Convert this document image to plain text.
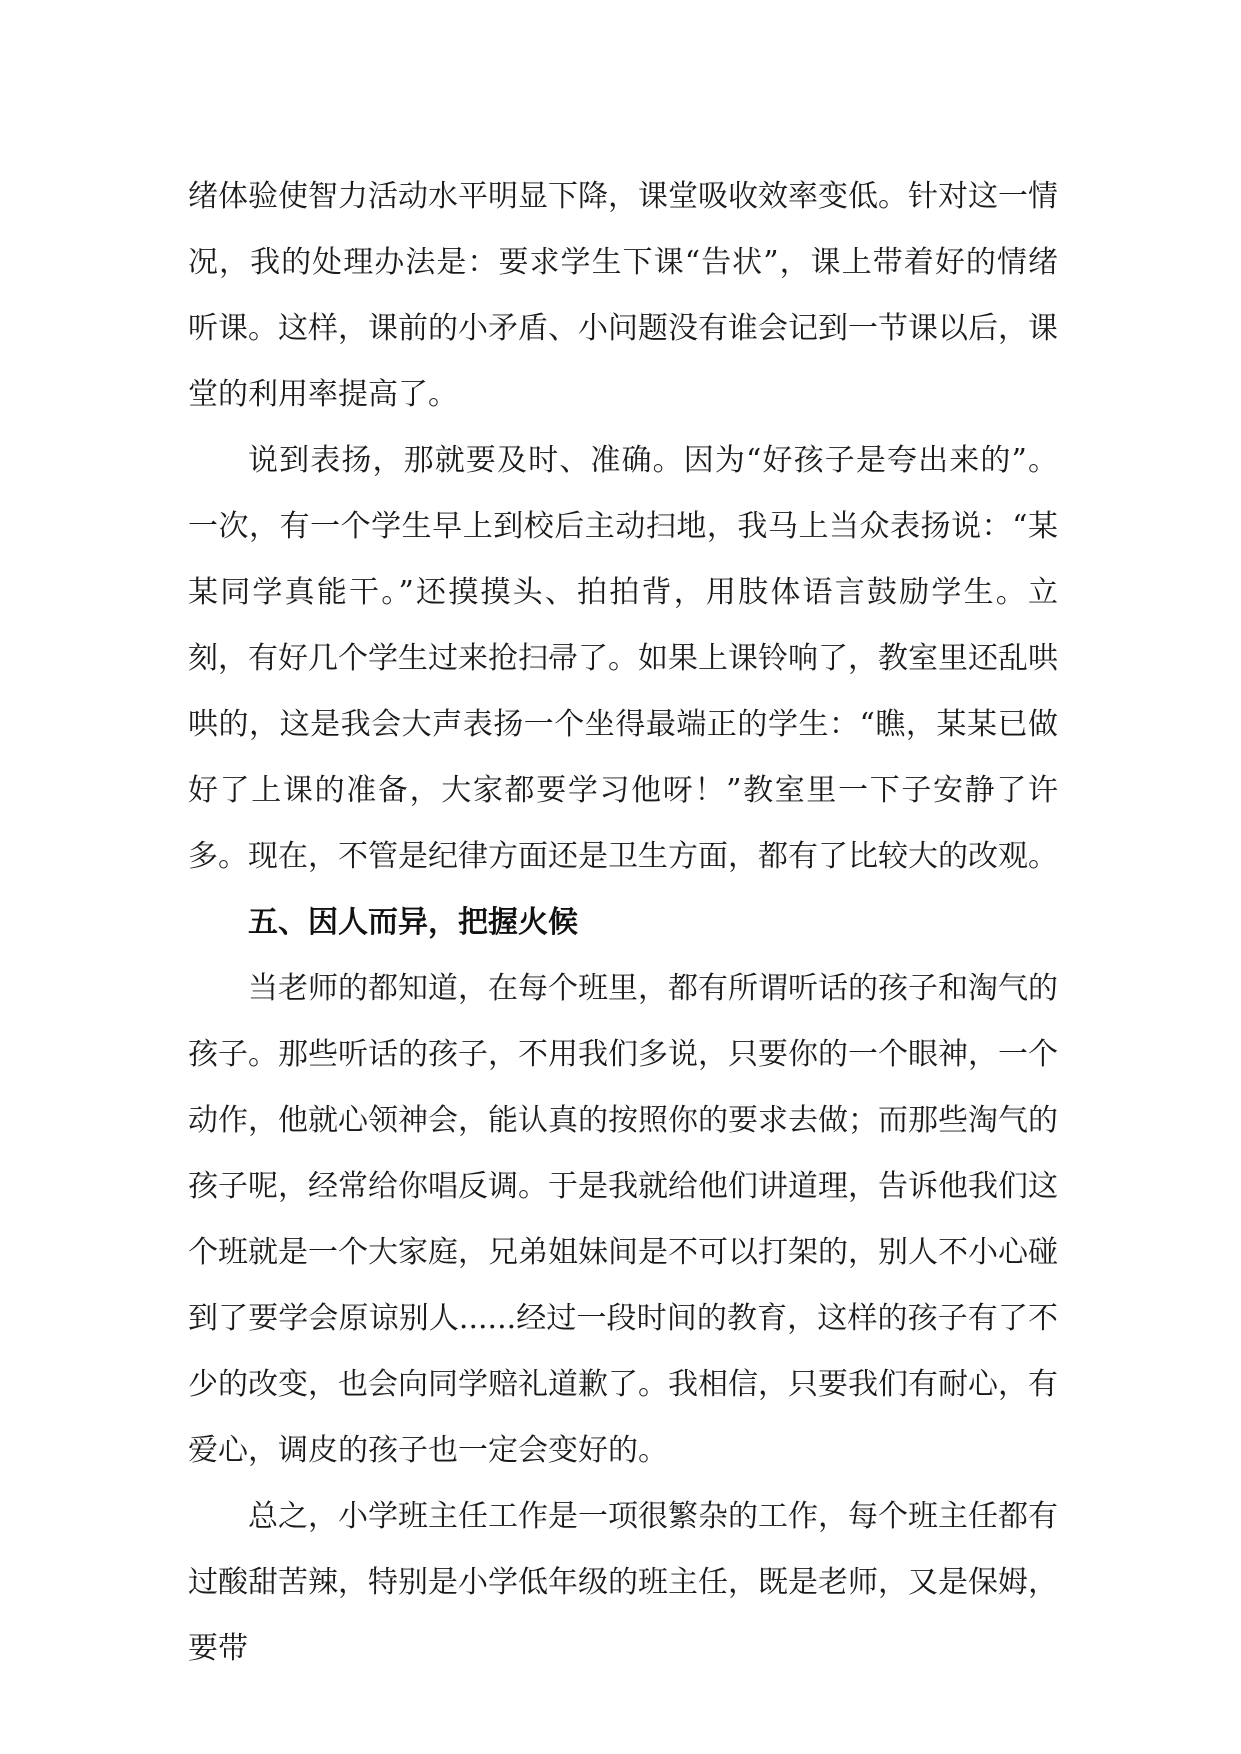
绪体验使智力活动水平明显下降，课堂吸收效率变低。针对这一情况，我的处理办法是：要求学生下课“告状”，课上带着好的情绪听课。这样，课前的小矛盾、小问题没有谁会记到一节课以后，课堂的利用率提高了。

说到表扬，那就要及时、准确。因为“好孩子是夸出来的”。一次，有一个学生早上到校后主动扫地，我马上当众表扬说：“某某同学真能干。”还摸摸头、拍拍背，用肢体语言鼓励学生。立刻，有好几个学生过来抢扫帚了。如果上课铃响了，教室里还乱哄哄的，这是我会大声表扬一个坐得最端正的学生：“瞧，某某已做好了上课的准备，大家都要学习他呀！”教室里一下子安静了许多。现在，不管是纪律方面还是卫生方面，都有了比较大的改观。

五、因人而异，把握火候

当老师的都知道，在每个班里，都有所谓听话的孩子和淘气的孩子。那些听话的孩子，不用我们多说，只要你的一个眼神，一个动作，他就心领神会，能认真的按照你的要求去做；而那些淘气的孩子呢，经常给你唱反调。于是我就给他们讲道理，告诉他我们这个班就是一个大家庭，兄弟姐妹间是不可以打架的，别人不小心碰到了要学会原谅别人......经过一段时间的教育，这样的孩子有了不少的改变，也会向同学赔礼道歉了。我相信，只要我们有耐心，有爱心，调皮的孩子也一定会变好的。

总之，小学班主任工作是一项很繁杂的工作，每个班主任都有过酸甜苦辣，特别是小学低年级的班主任，既是老师，又是保姆，要带
